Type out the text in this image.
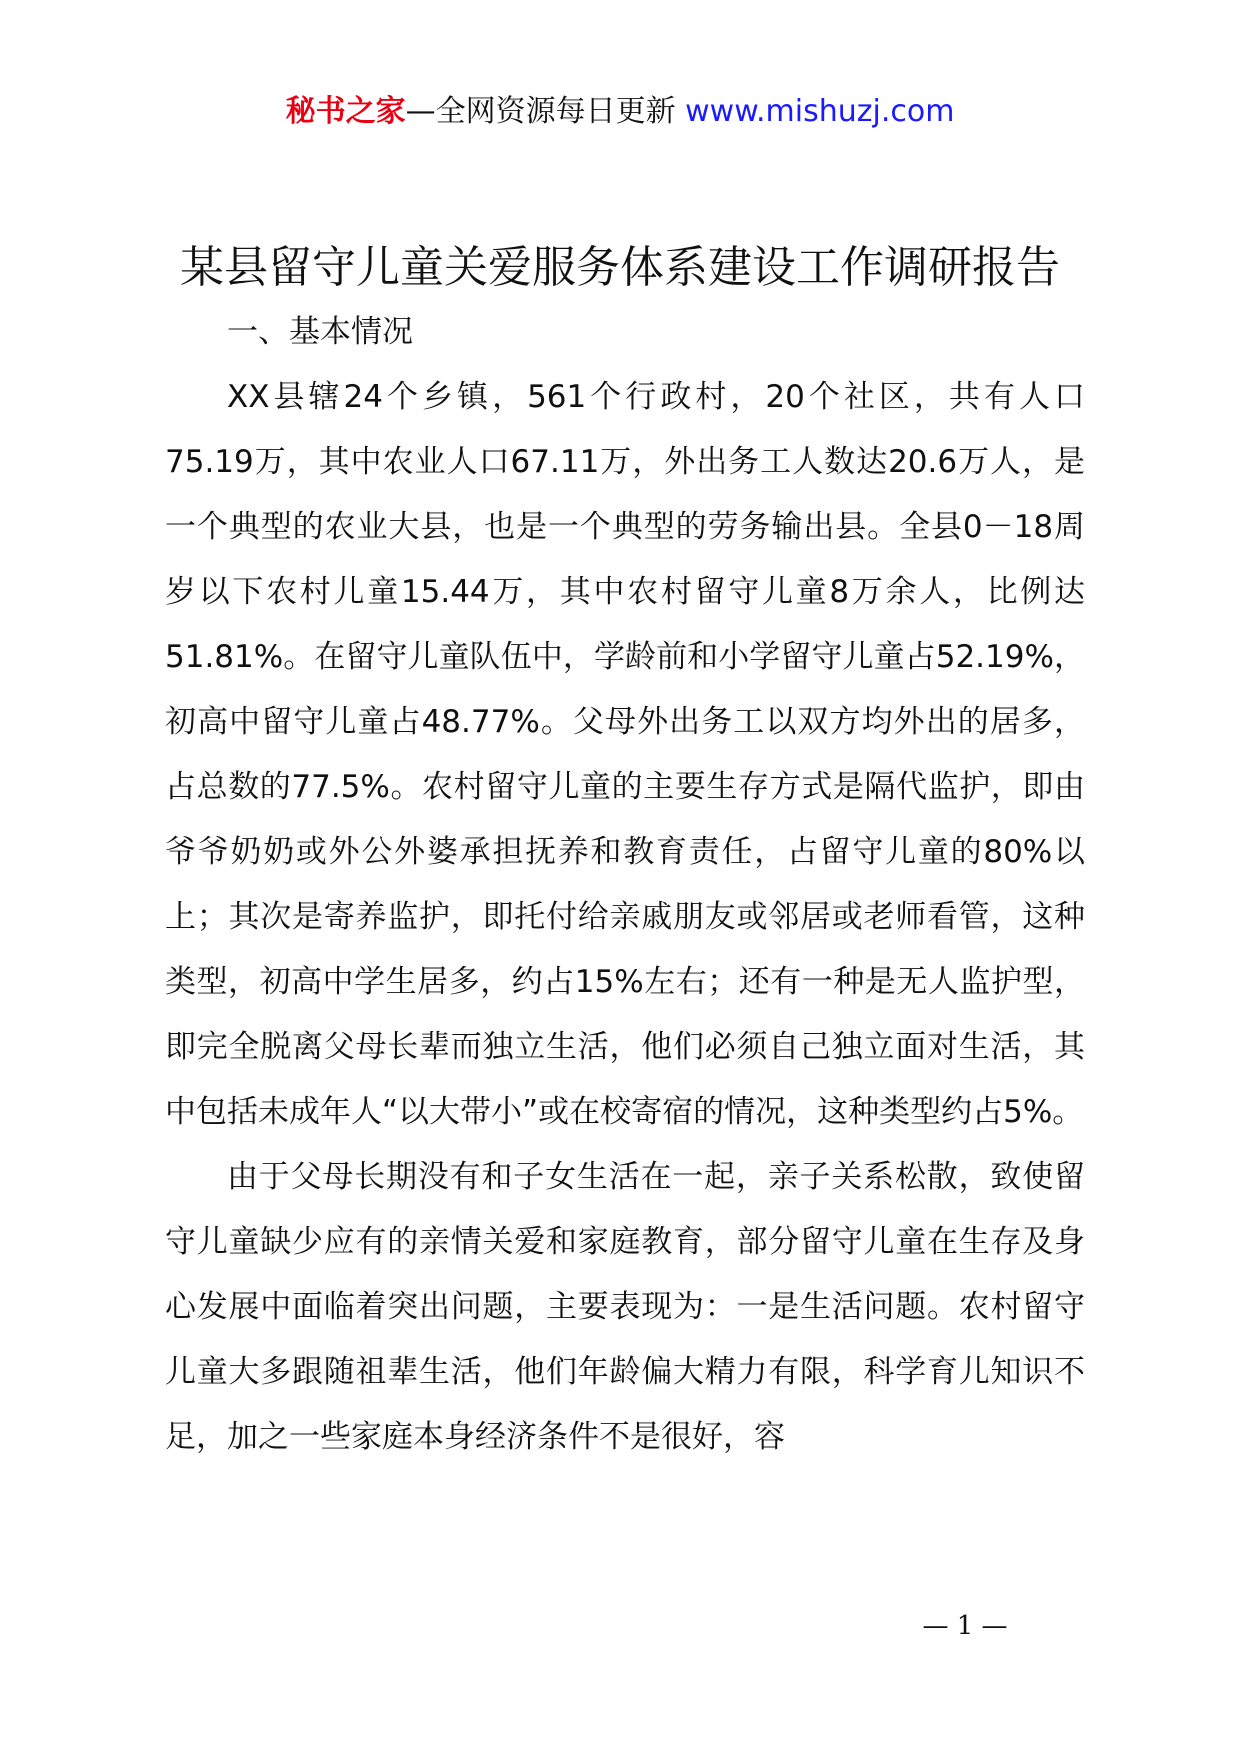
秘书之家—全网资源每日更新 www.mishuzj.com
某县留守儿童关爱服务体系建设工作调研报告

一、基本情况

XX县辖24个乡镇，561个行政村，20个社区，共有人口75.19万，其中农业人口67.11万，外出务工人数达20.6万人，是一个典型的农业大县，也是一个典型的劳务输出县。全县0－18周岁以下农村儿童15.44万，其中农村留守儿童8万余人，比例达51.81%。在留守儿童队伍中，学龄前和小学留守儿童占52.19%，初高中留守儿童占48.77%。父母外出务工以双方均外出的居多，占总数的77.5%。农村留守儿童的主要生存方式是隔代监护，即由爷爷奶奶或外公外婆承担抚养和教育责任，占留守儿童的80%以上；其次是寄养监护，即托付给亲戚朋友或邻居或老师看管，这种类型，初高中学生居多，约占15%左右；还有一种是无人监护型，即完全脱离父母长辈而独立生活，他们必须自己独立面对生活，其中包括未成年人“以大带小”或在校寄宿的情况，这种类型约占5%。

由于父母长期没有和子女生活在一起，亲子关系松散，致使留守儿童缺少应有的亲情关爱和家庭教育，部分留守儿童在生存及身心发展中面临着突出问题，主要表现为：一是生活问题。农村留守儿童大多跟随祖辈生活，他们年龄偏大精力有限，科学育儿知识不足，加之一些家庭本身经济条件不是很好，容

— 1 —
